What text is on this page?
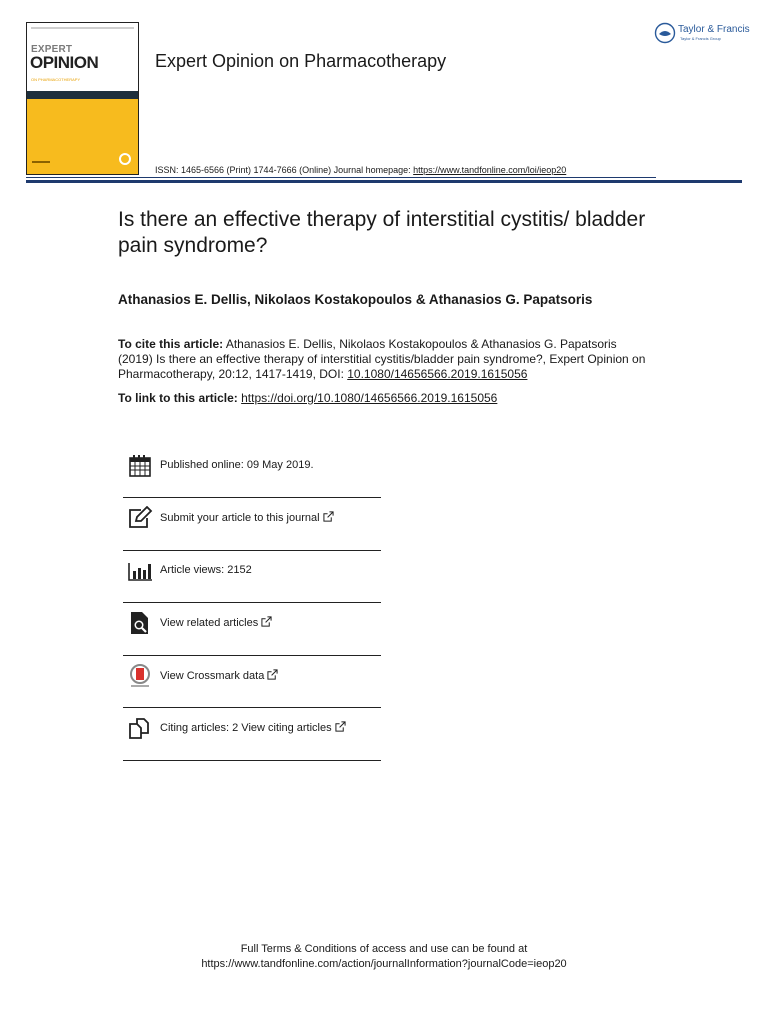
EXPERT
OPINION
ON PHARMACOTHERAPY
Expert Opinion on Pharmacotherapy
ISSN: 1465-6566 (Print) 1744-7666 (Online) Journal homepage: https://www.tandfonline.com/loi/ieop20
Taylor & Francis
Taylor & Francis Group
Is there an effective therapy of interstitial cystitis/ bladder pain syndrome?
Athanasios E. Dellis, Nikolaos Kostakopoulos & Athanasios G. Papatsoris
To cite this article: Athanasios E. Dellis, Nikolaos Kostakopoulos & Athanasios G. Papatsoris (2019) Is there an effective therapy of interstitial cystitis/bladder pain syndrome?, Expert Opinion on Pharmacotherapy, 20:12, 1417-1419, DOI: 10.1080/14656566.2019.1615056
To link to this article: https://doi.org/10.1080/14656566.2019.1615056
Published online: 09 May 2019.
Submit your article to this journal
Article views: 2152
View related articles
View Crossmark data
Citing articles: 2 View citing articles
Full Terms & Conditions of access and use can be found at
https://www.tandfonline.com/action/journalInformation?journalCode=ieop20
